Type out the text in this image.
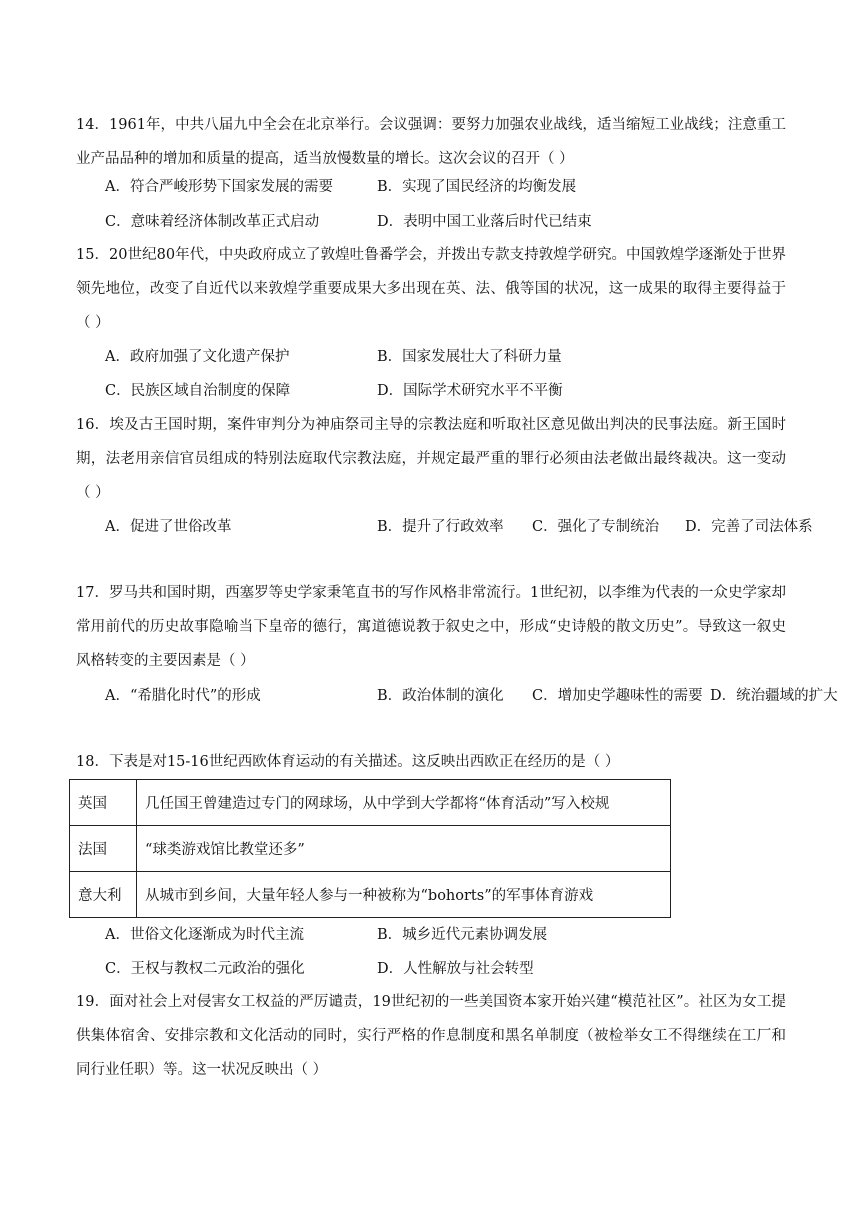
14．1961年，中共八届九中全会在北京举行。会议强调：要努力加强农业战线，适当缩短工业战线；注意重工业产品品种的增加和质量的提高，适当放慢数量的增长。这次会议的召开（ ）
A．符合严峻形势下国家发展的需要	B．实现了国民经济的均衡发展
C．意味着经济体制改革正式启动	D．表明中国工业落后时代已结束
15．20世纪80年代，中央政府成立了敦煌吐鲁番学会，并拨出专款支持敦煌学研究。中国敦煌学逐渐处于世界领先地位，改变了自近代以来敦煌学重要成果大多出现在英、法、俄等国的状况，这一成果的取得主要得益于（ ）
A．政府加强了文化遗产保护	B．国家发展壮大了科研力量
C．民族区域自治制度的保障	D．国际学术研究水平不平衡
16．埃及古王国时期，案件审判分为神庙祭司主导的宗教法庭和听取社区意见做出判决的民事法庭。新王国时期，法老用亲信官员组成的特别法庭取代宗教法庭，并规定最严重的罪行必须由法老做出最终裁决。这一变动（ ）
A．促进了世俗改革	B．提升了行政效率 C．强化了专制统治 D．完善了司法体系
17．罗马共和国时期，西塞罗等史学家秉笔直书的写作风格非常流行。1世纪初，以李维为代表的一众史学家却常用前代的历史故事隐喻当下皇帝的德行，寓道德说教于叙史之中，形成“史诗般的散文历史”。导致这一叙史风格转变的主要因素是（ ）
A．“希腊化时代”的形成	B．政治体制的演化 C．增加史学趣味性的需要 D．统治疆域的扩大
18．下表是对15-16世纪西欧体育运动的有关描述。这反映出西欧正在经历的是（ ）
英国	几任国王曾建造过专门的网球场，从中学到大学都将“体育活动”写入校规
法国	“球类游戏馆比教堂还多”
意大利	从城市到乡间，大量年轻人参与一种被称为“bohorts”的军事体育游戏
A．世俗文化逐渐成为时代主流	B．城乡近代元素协调发展
C．王权与教权二元政治的强化	D．人性解放与社会转型
19．面对社会上对侵害女工权益的严厉谴责，19世纪初的一些美国资本家开始兴建“模范社区”。社区为女工提供集体宿舍、安排宗教和文化活动的同时，实行严格的作息制度和黑名单制度（被检举女工不得继续在工厂和同行业任职）等。这一状况反映出（ ）
